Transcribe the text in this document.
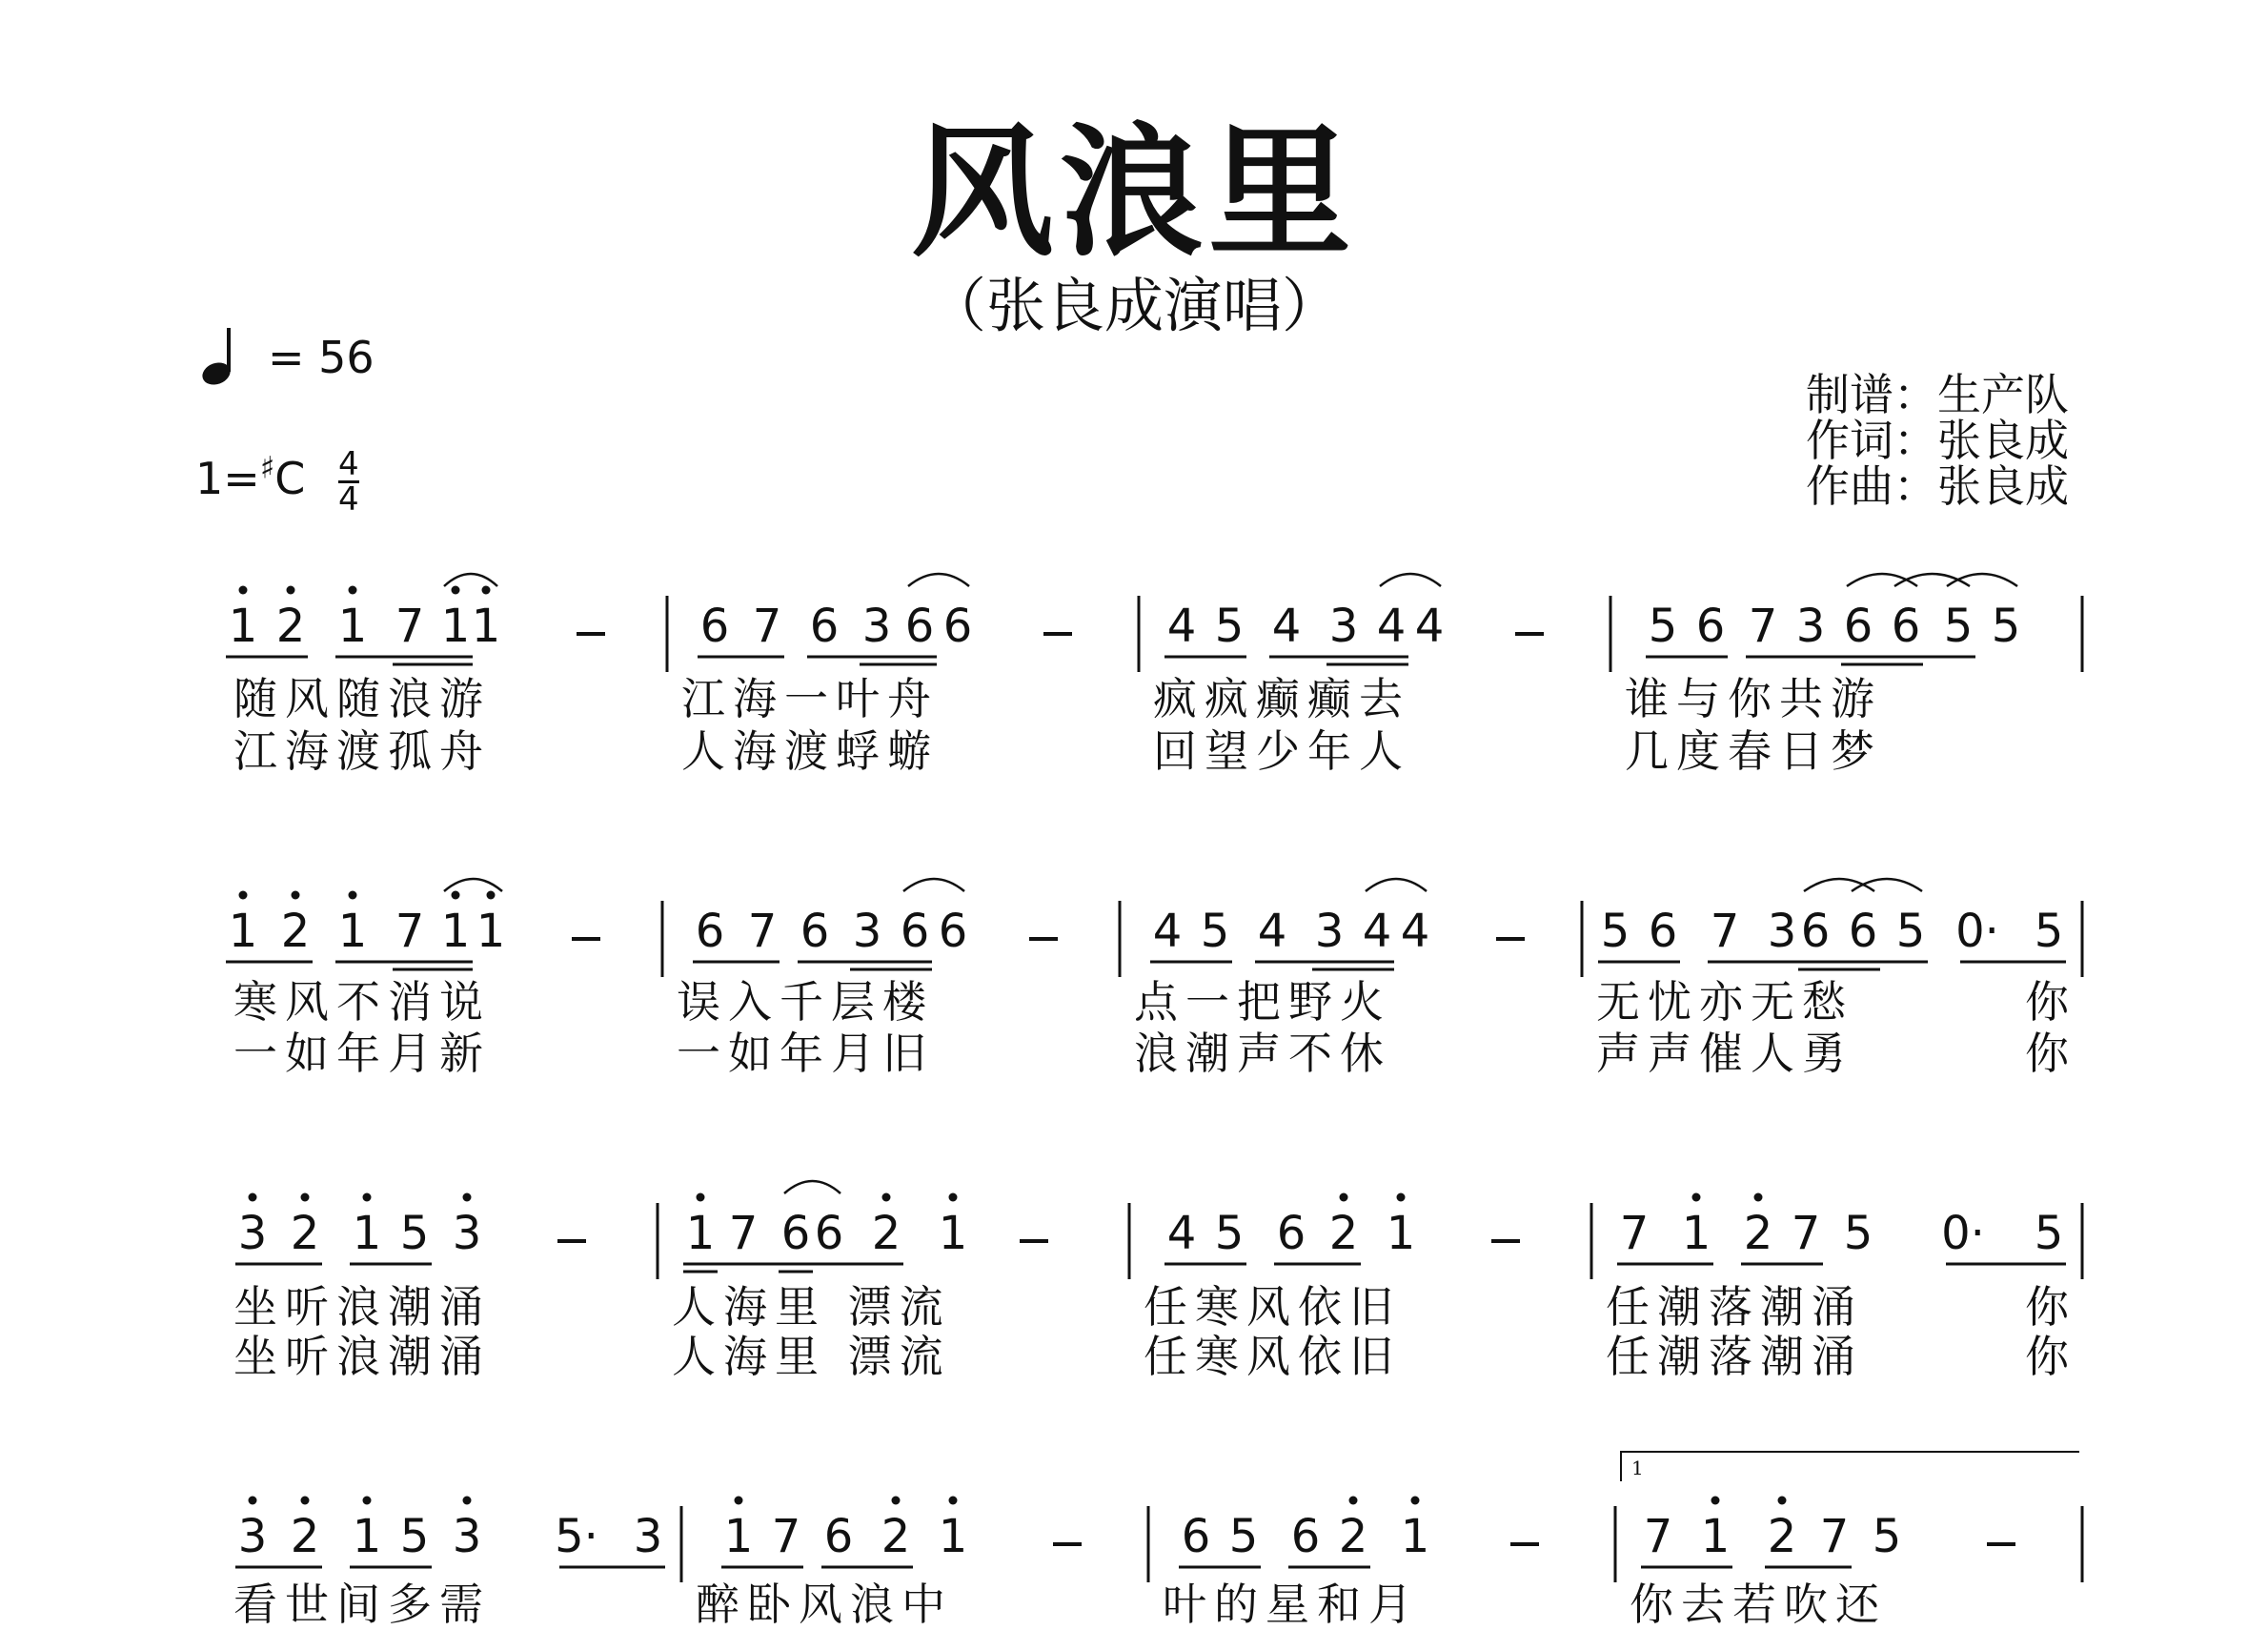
风浪里
（张良成演唱）
= 56
$1=^♯C \frac{4}{4}$
制谱：生产队
作词：张良成
作曲：张良成
1
1 2 1 7 1 1
随风随浪游
江海渡孤舟
6 7 6 3 6 6
江海一叶舟
人海渡蜉蝣
4 5 4 3 4 4
疯疯癫癫去
回望少年人
5 6 7 3 6 6 5 5
谁与你共游
几度春日梦
1 2 1 7 1 1
寒风不消说
一如年月新
6 7 6 3 6 6
误入千层楼
一如年月旧
4 5 4 3 4 4
点一把野火
浪潮声不休
5 6 7 3 6 6 5 0· 5
无忧亦无愁
声声催人勇
你
你
3 2 1 5 3
坐听浪潮涌
坐听浪潮涌
1 7 6 6 2 1
人海里 漂流
人海里 漂流
4 5 6 2 1
任寒风依旧
任寒风依旧
7 1 2 7 5	0·	5
任潮落潮涌
任潮落潮涌
你
你
3 2 1 5 3	5· 3
看世间多需
1 7 6 2 1
醉卧风浪中
6 5 6 2 1
叶的星和月
7 1 2 7 5
你去若吹还
